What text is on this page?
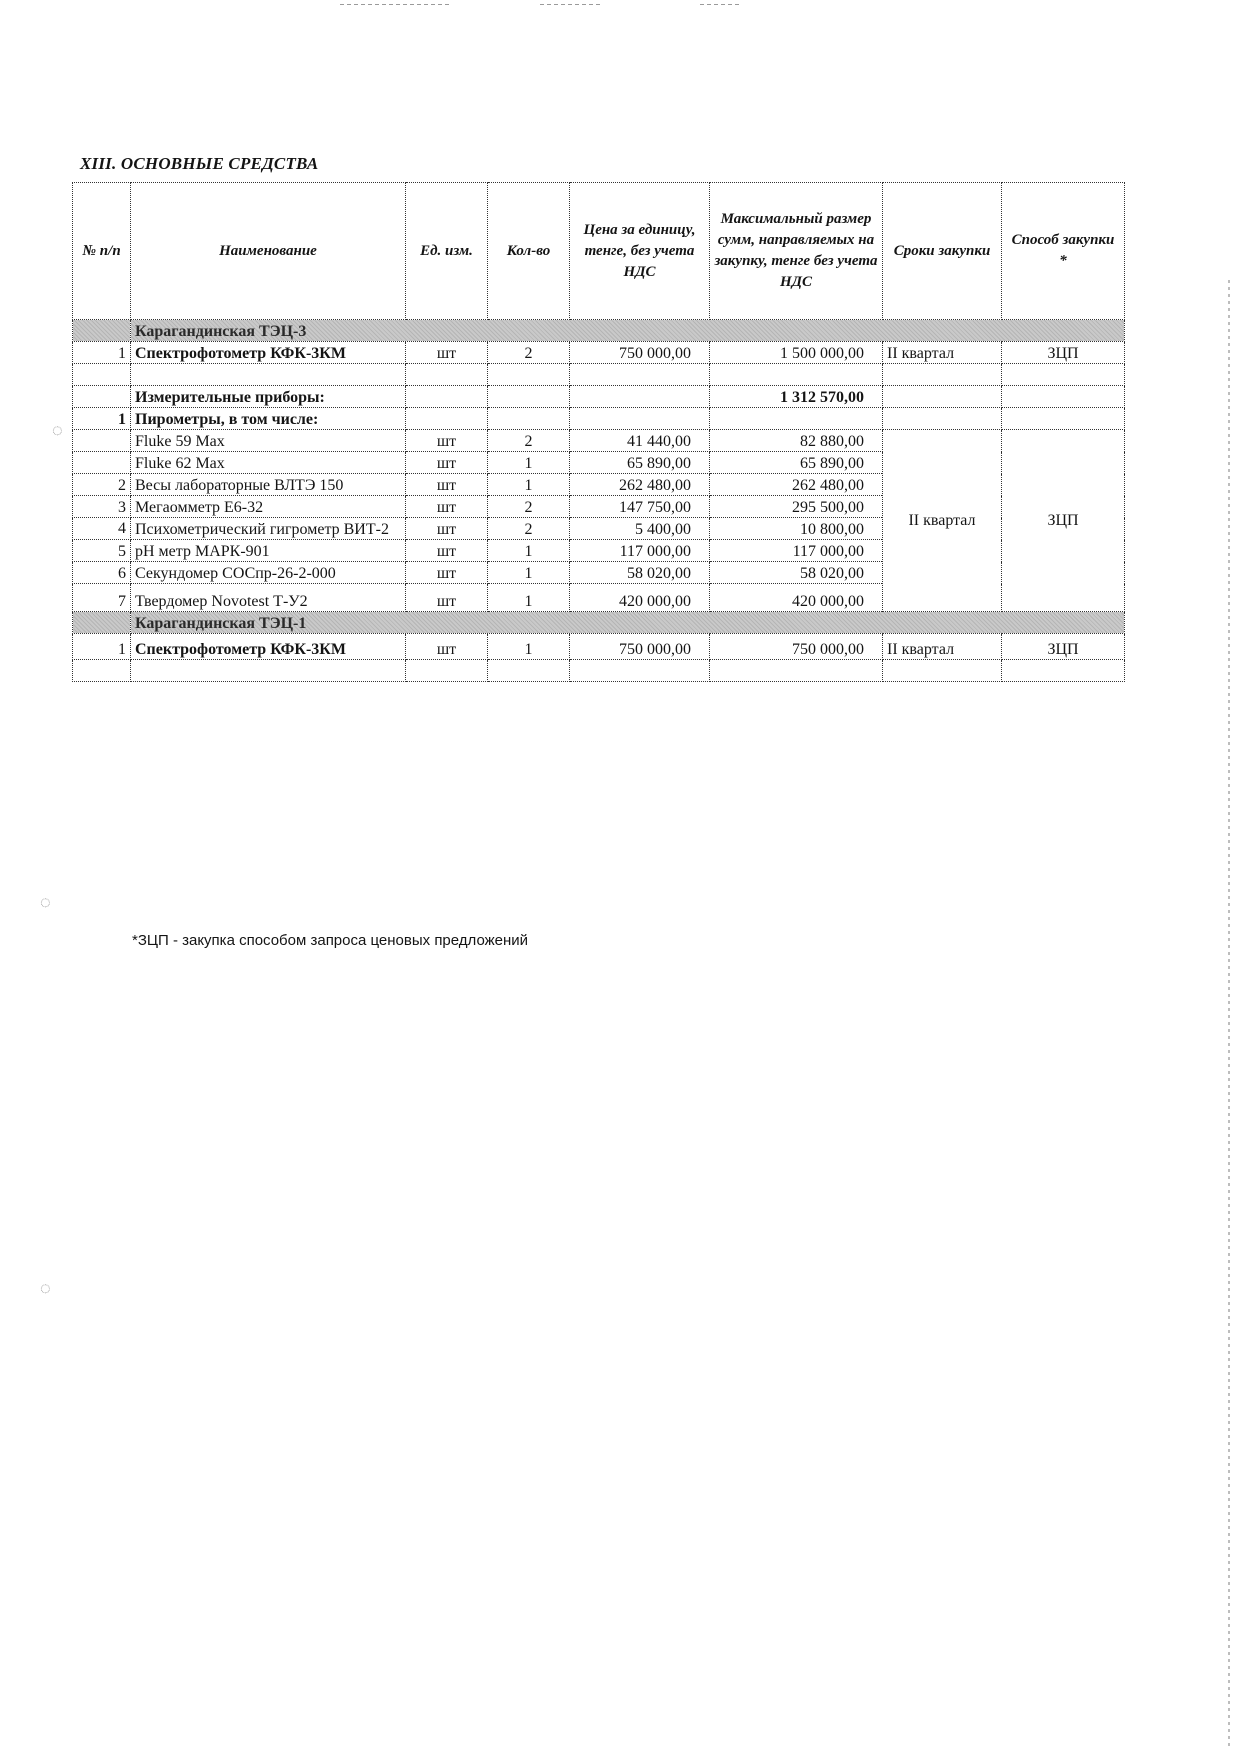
◌
◌
◌
XIII. ОСНОВНЫЕ СРЕДСТВА
№ п/п	Наименование	Ед. изм.	Кол-во	Цена за единицу, тенге, без учета НДС	Максимальный размер сумм, направляемых на закупку, тенге без учета НДС	Сроки закупки	Способ закупки *
	Карагандинская ТЭЦ-3						
1	Спектрофотометр КФК-3КМ	шт	2	750 000,00	1 500 000,00	II квартал	ЗЦП

	Измерительные приборы:				1 312 570,00		
1	Пирометры, в том числе:						
	Fluke 59 Max	шт	2	41 440,00	82 880,00	II квартал	ЗЦП
	Fluke 62 Max	шт	1	65 890,00	65 890,00		
2	Весы лабораторные ВЛТЭ 150	шт	1	262 480,00	262 480,00		
3	Мегаомметр Е6-32	шт	2	147 750,00	295 500,00		
4	Психометрический гигрометр ВИТ-2	шт	2	5 400,00	10 800,00		
5	pH метр МАРК-901	шт	1	117 000,00	117 000,00		
6	Секундомер СОСпр-26-2-000	шт	1	58 020,00	58 020,00		
7	Твердомер Novotest Т-У2	шт	1	420 000,00	420 000,00		
	Карагандинская ТЭЦ-1						
1	Спектрофотометр КФК-3КМ	шт	1	750 000,00	750 000,00	II квартал	ЗЦП

*ЗЦП - закупка способом запроса ценовых предложений
